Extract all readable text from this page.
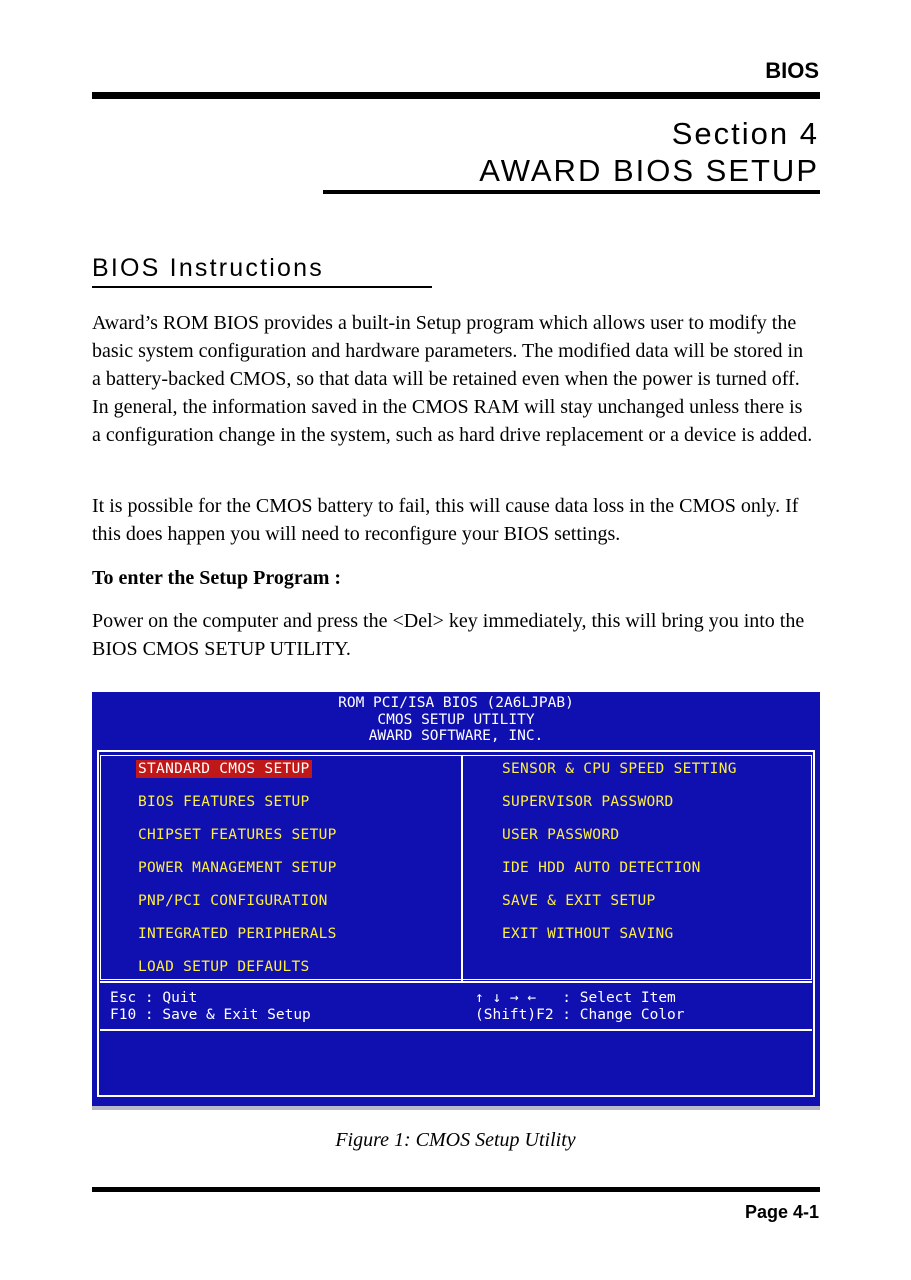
BIOS
Section 4
AWARD BIOS SETUP
BIOS Instructions

Award’s ROM BIOS provides a built-in Setup program which allows user to modify the basic system configuration and hardware parameters. The modified data will be stored in a battery-backed CMOS, so that data will be retained even when the power is turned off. In general, the information saved in the CMOS RAM will stay unchanged unless there is a configuration change in the system, such as hard drive replacement or a device is added.

It is possible for the CMOS battery to fail, this will cause data loss in the CMOS only. If this does happen you will need to reconfigure your BIOS settings.

To enter the Setup Program :

Power on the computer and press the <Del> key immediately, this will bring you into the BIOS CMOS SETUP UTILITY.

ROM PCI/ISA BIOS (2A6LJPAB)
CMOS SETUP UTILITY
AWARD SOFTWARE, INC.
STANDARD CMOS SETUP
BIOS FEATURES SETUP
CHIPSET FEATURES SETUP
POWER MANAGEMENT SETUP
PNP/PCI CONFIGURATION
INTEGRATED PERIPHERALS
LOAD SETUP DEFAULTS
SENSOR & CPU SPEED SETTING
SUPERVISOR PASSWORD
USER PASSWORD
IDE HDD AUTO DETECTION
SAVE & EXIT SETUP
EXIT WITHOUT SAVING
Esc : Quit
F10 : Save & Exit Setup
↑ ↓ → ←   : Select Item
(Shift)F2 : Change Color
Figure 1: CMOS Setup Utility
Page 4-1
